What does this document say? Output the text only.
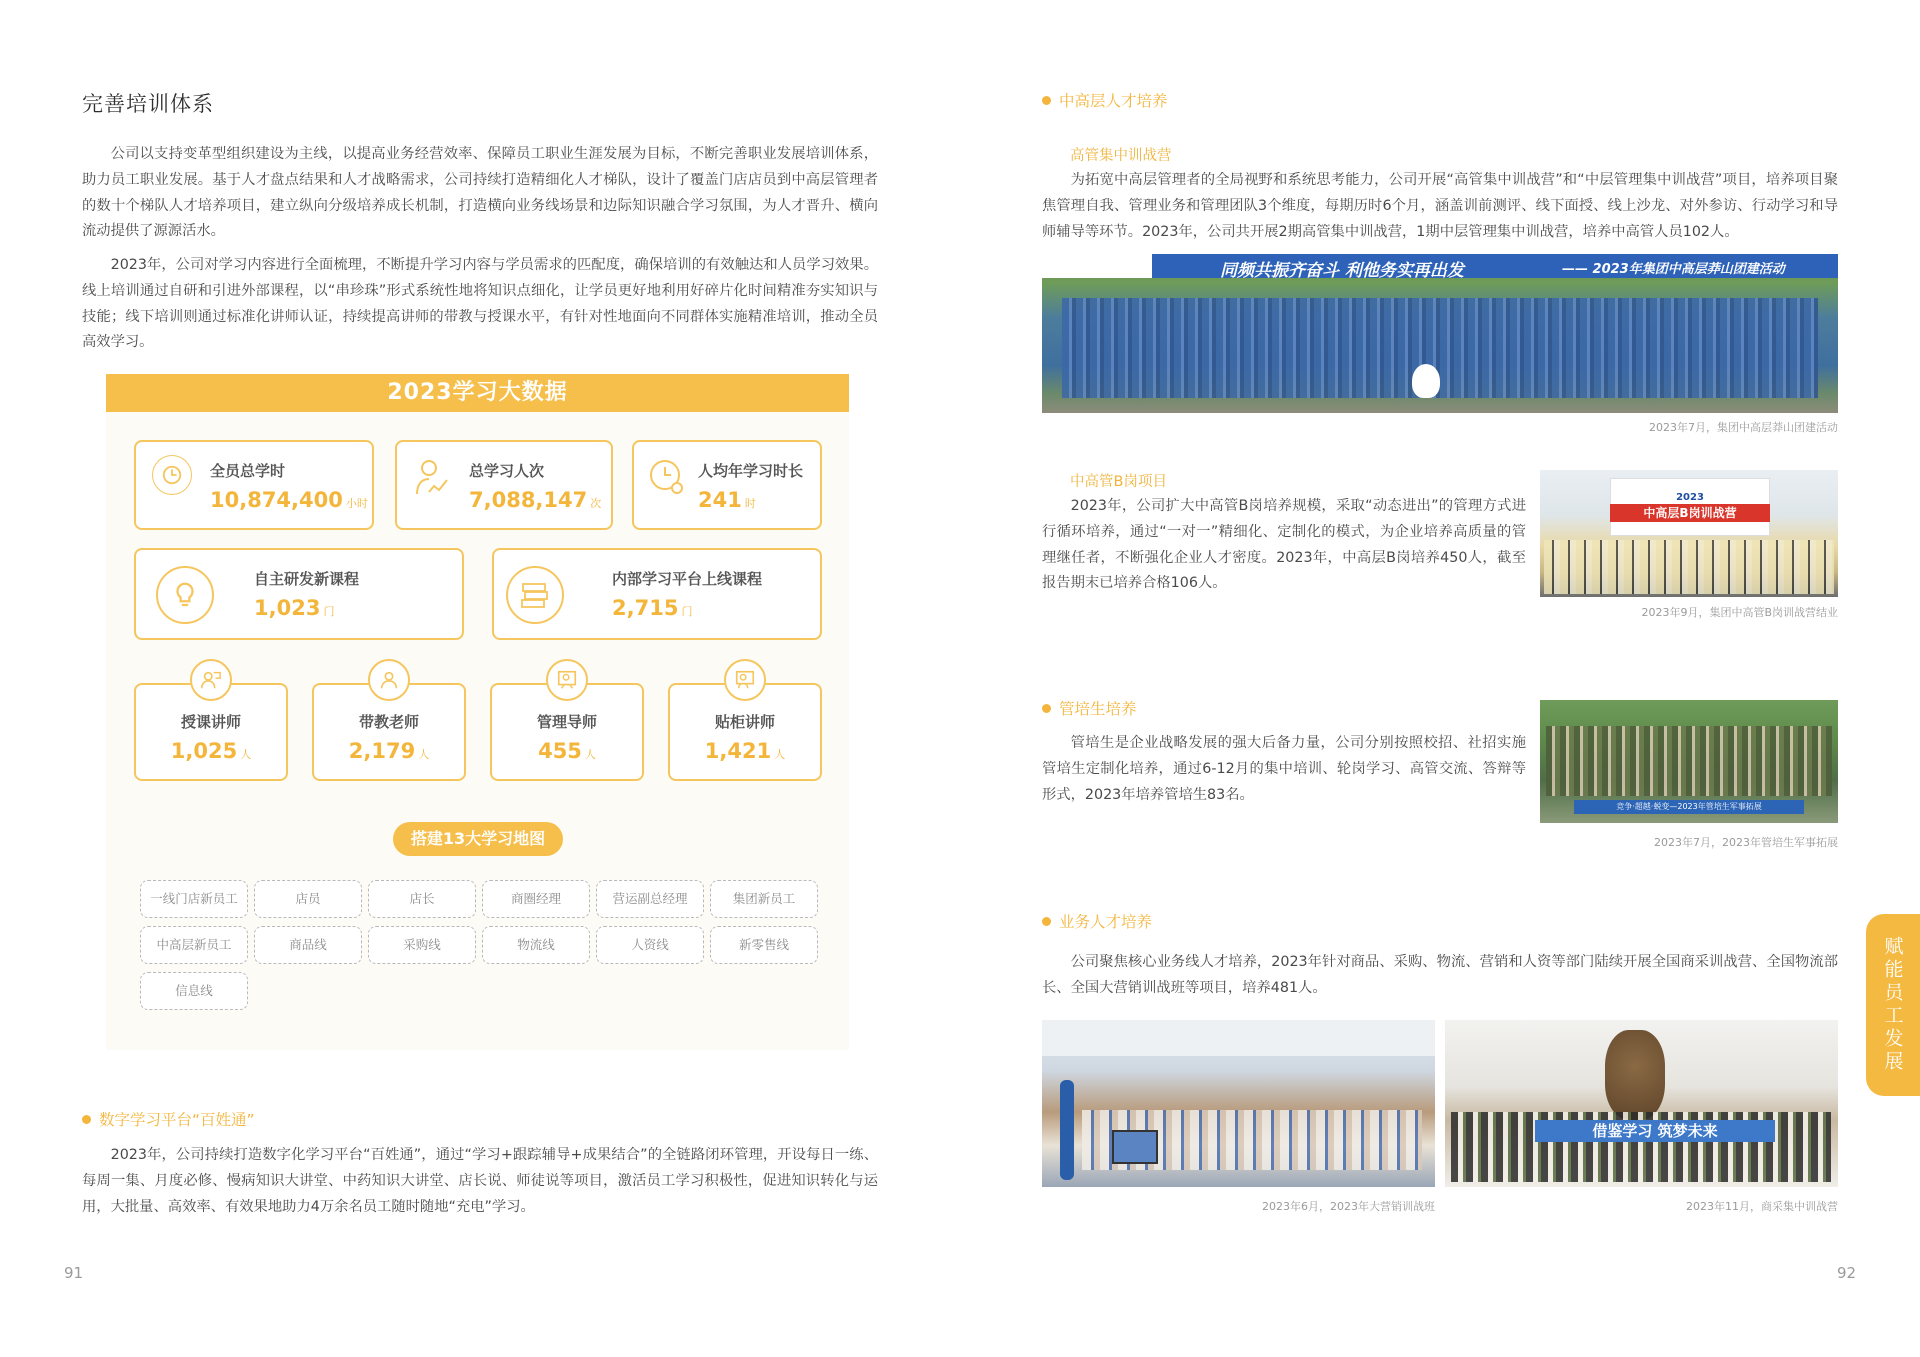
完善培训体系
公司以支持变革型组织建设为主线，以提高业务经营效率、保障员工职业生涯发展为目标，不断完善职业发展培训体系，助力员工职业发展。基于人才盘点结果和人才战略需求，公司持续打造精细化人才梯队，设计了覆盖门店店员到中高层管理者的数十个梯队人才培养项目，建立纵向分级培养成长机制，打造横向业务线场景和边际知识融合学习氛围，为人才晋升、横向流动提供了源源活水。
2023年，公司对学习内容进行全面梳理，不断提升学习内容与学员需求的匹配度，确保培训的有效触达和人员学习效果。线上培训通过自研和引进外部课程，以“串珍珠”形式系统性地将知识点细化，让学员更好地利用好碎片化时间精准夯实知识与技能；线下培训则通过标准化讲师认证，持续提高讲师的带教与授课水平，有针对性地面向不同群体实施精准培训，推动全员高效学习。
2023学习大数据
全员总学时
10,874,400 小时
总学习人次
7,088,147 次
人均年学习时长
241 时
自主研发新课程
1,023 门
内部学习平台上线课程
2,715 门
授课讲师
1,025 人
带教老师
2,179 人
管理导师
455 人
贴柜讲师
1,421 人
搭建13大学习地图
一线门店新员工	店员	店长	商圈经理	营运副总经理	集团新员工
中高层新员工	商品线	采购线	物流线	人资线	新零售线
信息线
数字学习平台“百姓通”
2023年，公司持续打造数字化学习平台“百姓通”，通过“学习+跟踪辅导+成果结合”的全链路闭环管理，开设每日一练、每周一集、月度必修、慢病知识大讲堂、中药知识大讲堂、店长说、师徒说等项目，激活员工学习积极性，促进知识转化与运用，大批量、高效率、有效果地助力4万余名员工随时随地“充电”学习。
91
中高层人才培养
高管集中训战营
为拓宽中高层管理者的全局视野和系统思考能力，公司开展“高管集中训战营”和“中层管理集中训战营”项目，培养项目聚焦管理自我、管理业务和管理团队3个维度，每期历时6个月，涵盖训前测评、线下面授、线上沙龙、对外参访、行动学习和导师辅导等环节。2023年，公司共开展2期高管集中训战营，1期中层管理集中训战营，培养中高管人员102人。
同频共振齐奋斗 利他务实再出发	—— 2023年集团中高层莽山团建活动
2023年7月，集团中高层莽山团建活动
中高管B岗项目
2023年，公司扩大中高管B岗培养规模，采取“动态进出”的管理方式进行循环培养，通过“一对一”精细化、定制化的模式，为企业培养高质量的管理继任者，不断强化企业人才密度。2023年，中高层B岗培养450人，截至报告期末已培养合格106人。
2023
中高层B岗训战营
2023年9月，集团中高管B岗训战营结业
管培生培养
管培生是企业战略发展的强大后备力量，公司分别按照校招、社招实施管培生定制化培养，通过6-12月的集中培训、轮岗学习、高管交流、答辩等形式，2023年培养管培生83名。
竞争·超越·蜕变—2023年管培生军事拓展
2023年7月，2023年管培生军事拓展
业务人才培养
公司聚焦核心业务线人才培养，2023年针对商品、采购、物流、营销和人资等部门陆续开展全国商采训战营、全国物流部长、全国大营销训战班等项目，培养481人。
2023年6月，2023年大营销训战班
借鉴学习 筑梦未来
2023年11月，商采集中训战营
赋能员工发展
92
